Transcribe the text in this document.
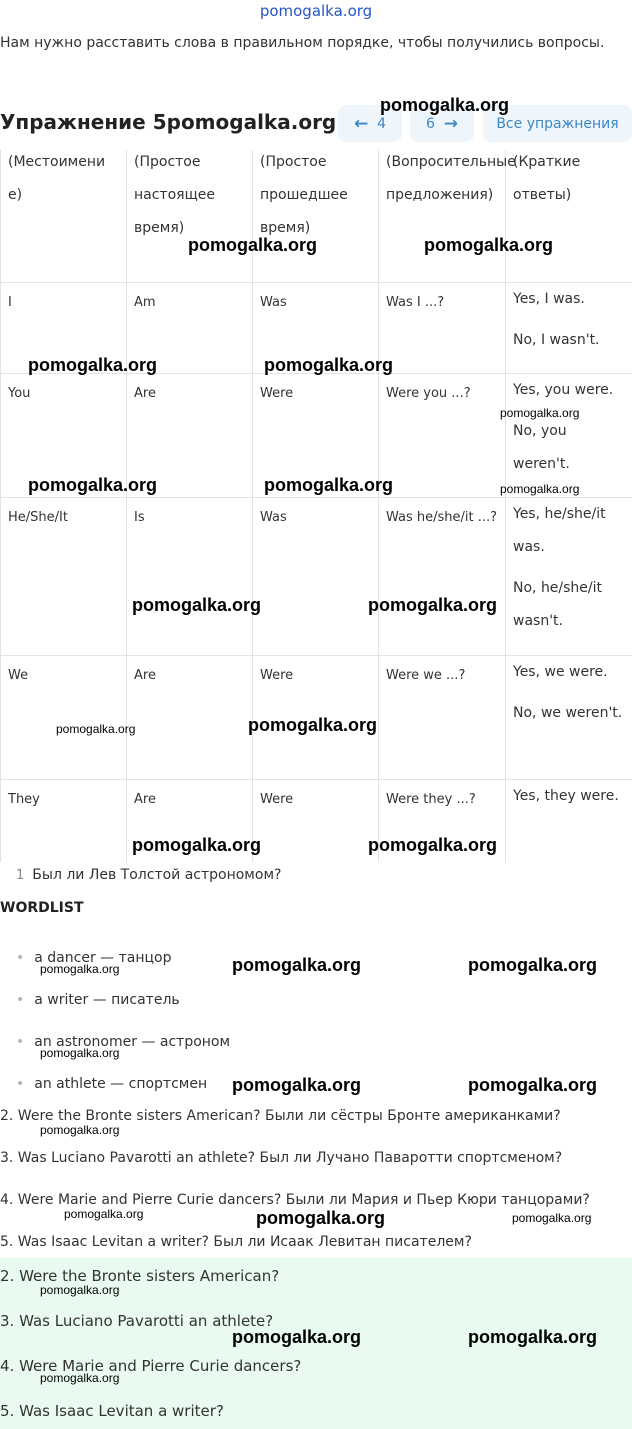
pomogalka.org
Нам нужно расставить слова в правильном порядке, чтобы получились вопросы.
Упражнение 5pomogalka.org ←
4	6
→	Все упражнения
(Местоимени е)	(Простое настоящее время)	(Простое прошедшее время)	(Вопросительные предложения)	(Краткие ответы)
I	Am	Was	Was I ...?	Yes, I was.

No, I wasn't.

You	Are	Were	Were you ...?	Yes, you were.

No, you weren't.

He/She/It	Is	Was	Was he/she/it ...?	Yes, he/she/it was.

No, he/she/it wasn't.

We	Are	Were	Were we ...?	Yes, we were.

No, we weren't.

They	Are	Were	Were they ...?	Yes, they were.

1 Был ли Лев Толстой астрономом?
WORDLIST
• a dancer — танцор
• a writer — писатель
• an astronomer — астроном
• an athlete — спортсмен
2. Were the Bronte sisters American? Были ли сёстры Бронте американками?
3. Was Luciano Pavarotti an athlete? Был ли Лучано Паваротти спортсменом?
4. Were Marie and Pierre Curie dancers? Были ли Мария и Пьер Кюри танцорами?
5. Was Isaac Levitan a writer? Был ли Исаак Левитан писателем?
2. Were the Bronte sisters American?
3. Was Luciano Pavarotti an athlete?
4. Were Marie and Pierre Curie dancers?
5. Was Isaac Levitan a writer?
pomogalka.org
pomogalka.org	pomogalka.org
pomogalka.org	pomogalka.org
pomogalka.org
pomogalka.org	pomogalka.org	pomogalka.org
pomogalka.org	pomogalka.org
pomogalka.org	pomogalka.org
pomogalka.org	pomogalka.org
pomogalka.org	pomogalka.org	pomogalka.org
pomogalka.org
pomogalka.org	pomogalka.org
pomogalka.org
pomogalka.org	pomogalka.org	pomogalka.org
pomogalka.org
pomogalka.org	pomogalka.org
pomogalka.org
